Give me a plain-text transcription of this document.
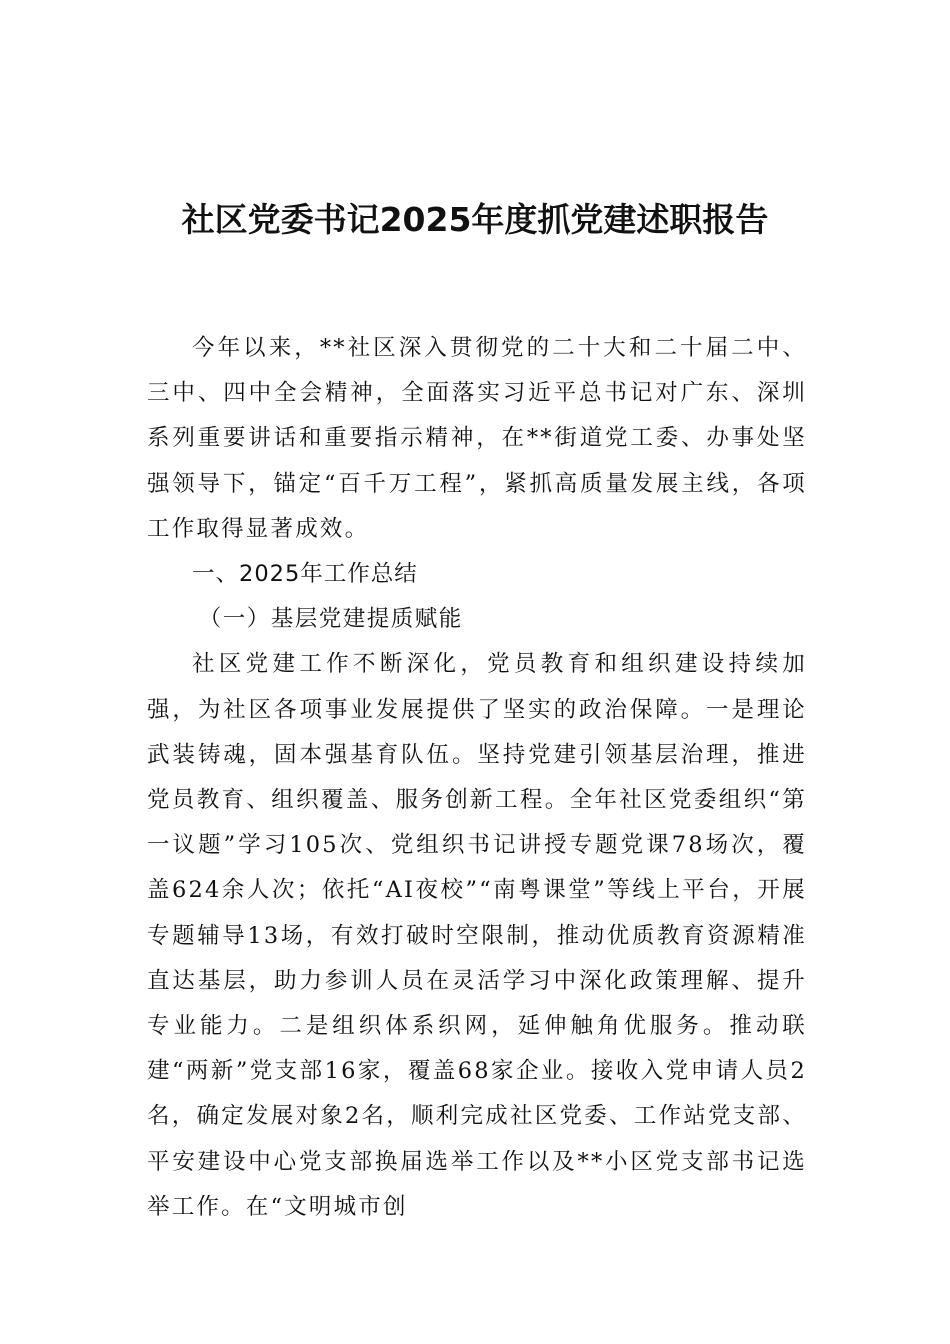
社区党委书记2025年度抓党建述职报告

今年以来，**社区深入贯彻党的二十大和二十届二中、三中、四中全会精神，全面落实习近平总书记对广东、深圳系列重要讲话和重要指示精神，在**街道党工委、办事处坚强领导下，锚定“百千万工程”，紧抓高质量发展主线，各项工作取得显著成效。

一、2025年工作总结

（一）基层党建提质赋能

社区党建工作不断深化，党员教育和组织建设持续加强，为社区各项事业发展提供了坚实的政治保障。一是理论武装铸魂，固本强基育队伍。坚持党建引领基层治理，推进党员教育、组织覆盖、服务创新工程。全年社区党委组织“第一议题”学习105次、党组织书记讲授专题党课78场次，覆盖624余人次；依托“AI夜校”“南粤课堂”等线上平台，开展专题辅导13场，有效打破时空限制，推动优质教育资源精准直达基层，助力参训人员在灵活学习中深化政策理解、提升专业能力。二是组织体系织网，延伸触角优服务。推动联建“两新”党支部16家，覆盖68家企业。接收入党申请人员2名，确定发展对象2名，顺利完成社区党委、工作站党支部、平安建设中心党支部换届选举工作以及**小区党支部书记选举工作。在“文明城市创
